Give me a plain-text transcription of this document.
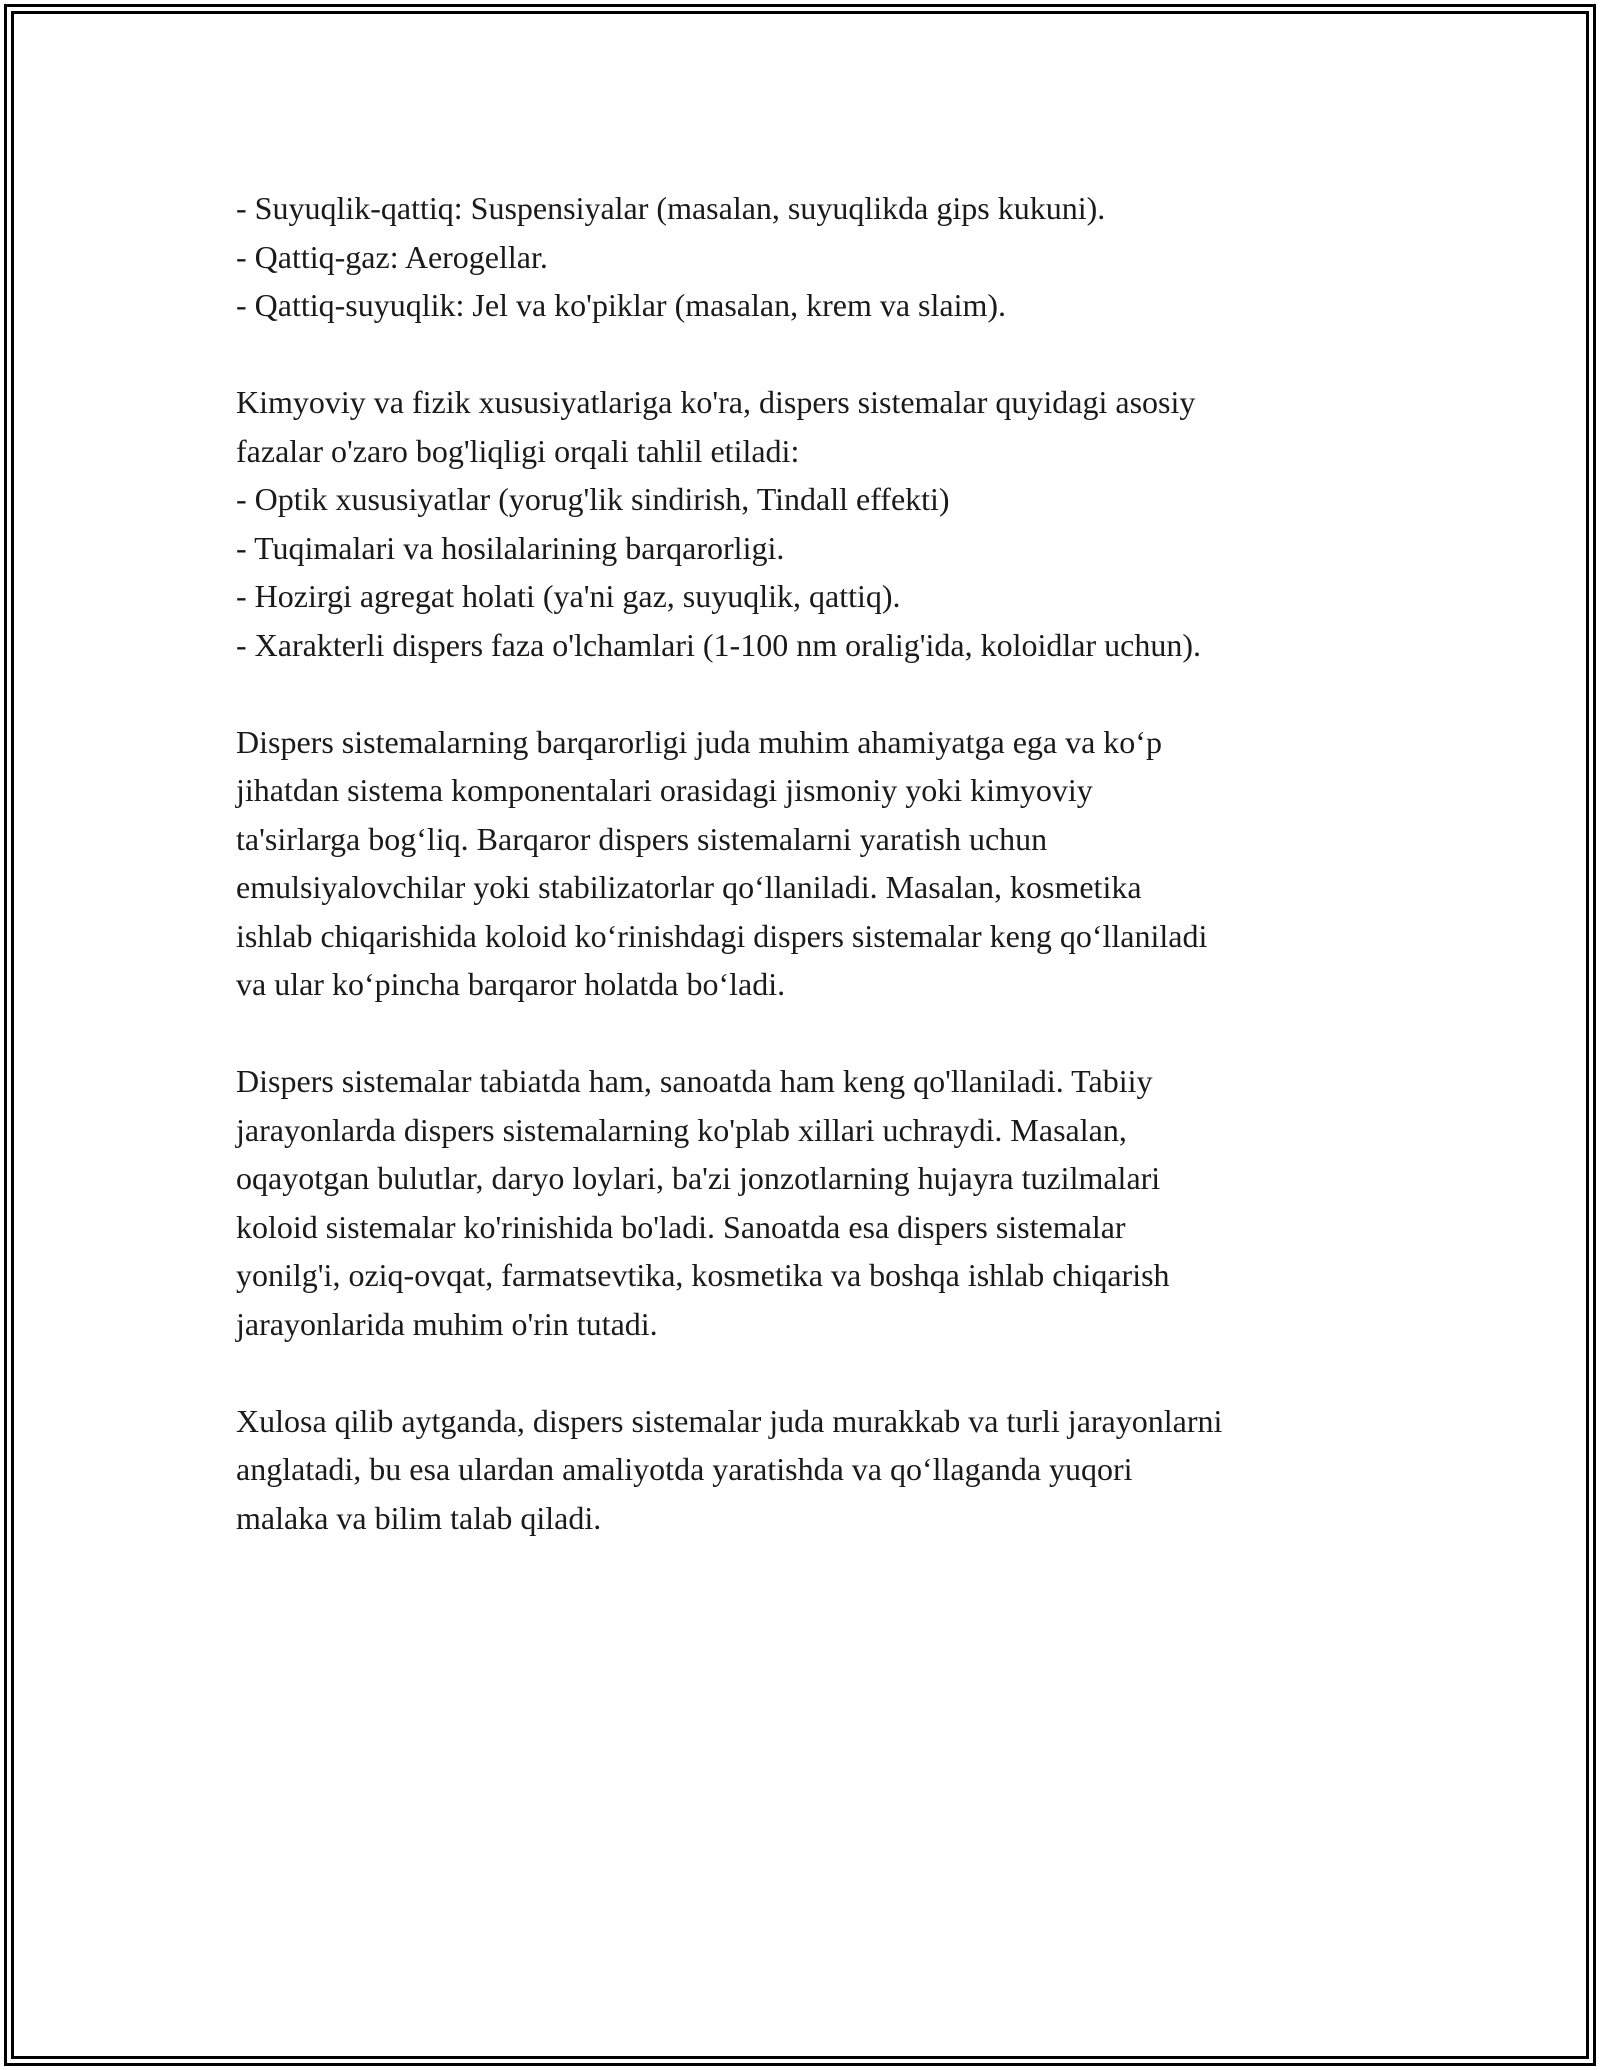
- Suyuqlik-qattiq: Suspensiyalar (masalan, suyuqlikda gips kukuni).

- Qattiq-gaz: Aerogellar.

- Qattiq-suyuqlik: Jel va ko'piklar (masalan, krem va slaim).

Kimyoviy va fizik xususiyatlariga ko'ra, dispers sistemalar quyidagi asosiy

fazalar o'zaro bog'liqligi orqali tahlil etiladi:

- Optik xususiyatlar (yorug'lik sindirish, Tindall effekti)

- Tuqimalari va hosilalarining barqarorligi.

- Hozirgi agregat holati (ya'ni gaz, suyuqlik, qattiq).

- Xarakterli dispers faza o'lchamlari (1-100 nm oralig'ida, koloidlar uchun).

Dispers sistemalarning barqarorligi juda muhim ahamiyatga ega va ko‘p

jihatdan sistema komponentalari orasidagi jismoniy yoki kimyoviy

ta'sirlarga bog‘liq. Barqaror dispers sistemalarni yaratish uchun

emulsiyalovchilar yoki stabilizatorlar qo‘llaniladi. Masalan, kosmetika

ishlab chiqarishida koloid ko‘rinishdagi dispers sistemalar keng qo‘llaniladi

va ular ko‘pincha barqaror holatda bo‘ladi.

Dispers sistemalar tabiatda ham, sanoatda ham keng qo'llaniladi. Tabiiy

jarayonlarda dispers sistemalarning ko'plab xillari uchraydi. Masalan,

oqayotgan bulutlar, daryo loylari, ba'zi jonzotlarning hujayra tuzilmalari

koloid sistemalar ko'rinishida bo'ladi. Sanoatda esa dispers sistemalar

yonilg'i, oziq-ovqat, farmatsevtika, kosmetika va boshqa ishlab chiqarish

jarayonlarida muhim o'rin tutadi.

Xulosa qilib aytganda, dispers sistemalar juda murakkab va turli jarayonlarni

anglatadi, bu esa ulardan amaliyotda yaratishda va qo‘llaganda yuqori

malaka va bilim talab qiladi.
